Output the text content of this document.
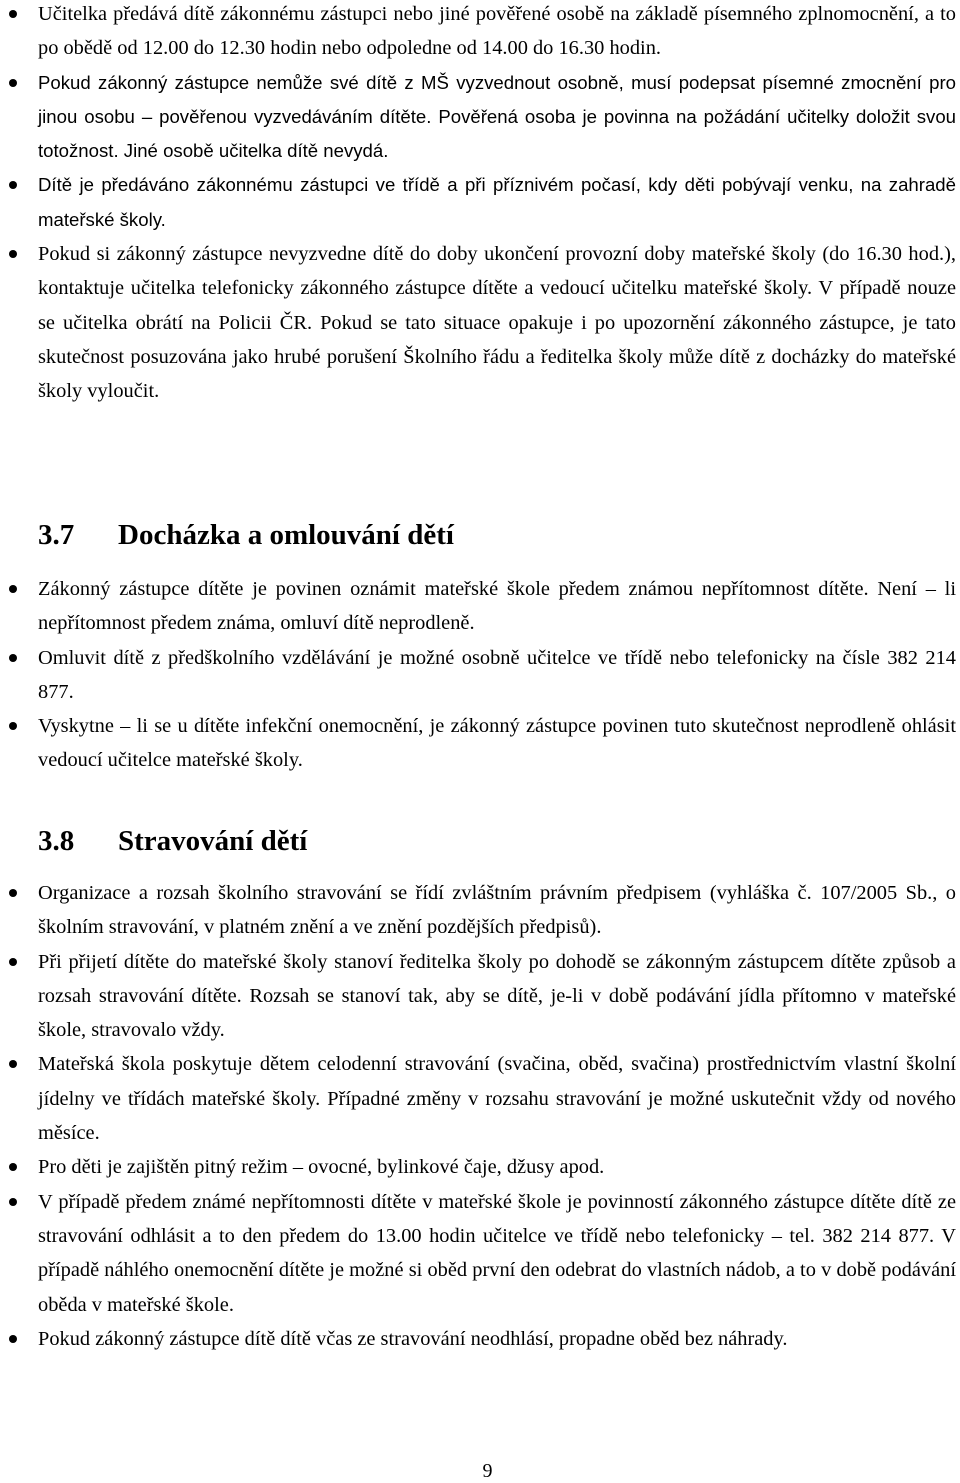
Učitelka předává dítě zákonnému zástupci nebo jiné pověřené osobě na základě písemného zplnomocnění, a to po obědě od 12.00 do 12.30 hodin nebo odpoledne od 14.00 do 16.30 hodin.
Pokud zákonný zástupce nemůže své dítě z MŠ vyzvednout osobně, musí podepsat písemné zmocnění pro jinou osobu – pověřenou vyzvedáváním dítěte. Pověřená osoba je povinna na požádání učitelky doložit svou totožnost. Jiné osobě učitelka dítě nevydá.
Dítě je předáváno zákonnému zástupci ve třídě a při příznivém počasí, kdy děti pobývají venku, na zahradě mateřské školy.
Pokud si zákonný zástupce nevyzvedne dítě do doby ukončení provozní doby mateřské školy (do 16.30 hod.), kontaktuje učitelka telefonicky zákonného zástupce dítěte a vedoucí učitelku mateřské školy. V případě nouze se učitelka obrátí na Policii ČR. Pokud se tato situace opakuje i po upozornění zákonného zástupce, je tato skutečnost posuzována jako hrubé porušení Školního řádu a ředitelka školy může dítě z docházky do mateřské školy vyloučit.
3.7 Docházka a omlouvání dětí
Zákonný zástupce dítěte je povinen oznámit mateřské škole předem známou nepřítomnost dítěte. Není – li nepřítomnost předem známa, omluví dítě neprodleně.
Omluvit dítě z předškolního vzdělávání je možné osobně učitelce ve třídě nebo telefonicky na čísle 382 214 877.
Vyskytne – li se u dítěte infekční onemocnění, je zákonný zástupce povinen tuto skutečnost neprodleně ohlásit vedoucí učitelce mateřské školy.
3.8 Stravování dětí
Organizace a rozsah školního stravování se řídí zvláštním právním předpisem (vyhláška č. 107/2005 Sb., o školním stravování, v platném znění a ve znění pozdějších předpisů).
Při přijetí dítěte do mateřské školy stanoví ředitelka školy po dohodě se zákonným zástupcem dítěte způsob a rozsah stravování dítěte. Rozsah se stanoví tak, aby se dítě, je-li v době podávání jídla přítomno v mateřské škole, stravovalo vždy.
Mateřská škola poskytuje dětem celodenní stravování (svačina, oběd, svačina) prostřednictvím vlastní školní jídelny ve třídách mateřské školy. Případné změny v rozsahu stravování je možné uskutečnit vždy od nového měsíce.
Pro děti je zajištěn pitný režim – ovocné, bylinkové čaje, džusy apod.
V případě předem známé nepřítomnosti dítěte v mateřské škole je povinností zákonného zástupce dítěte dítě ze stravování odhlásit a to den předem do 13.00 hodin učitelce ve třídě nebo telefonicky – tel. 382 214 877. V případě náhlého onemocnění dítěte je možné si oběd první den odebrat do vlastních nádob, a to v době podávání oběda v mateřské škole.
Pokud zákonný zástupce dítě dítě včas ze stravování neodhlásí, propadne oběd bez náhrady.
9
